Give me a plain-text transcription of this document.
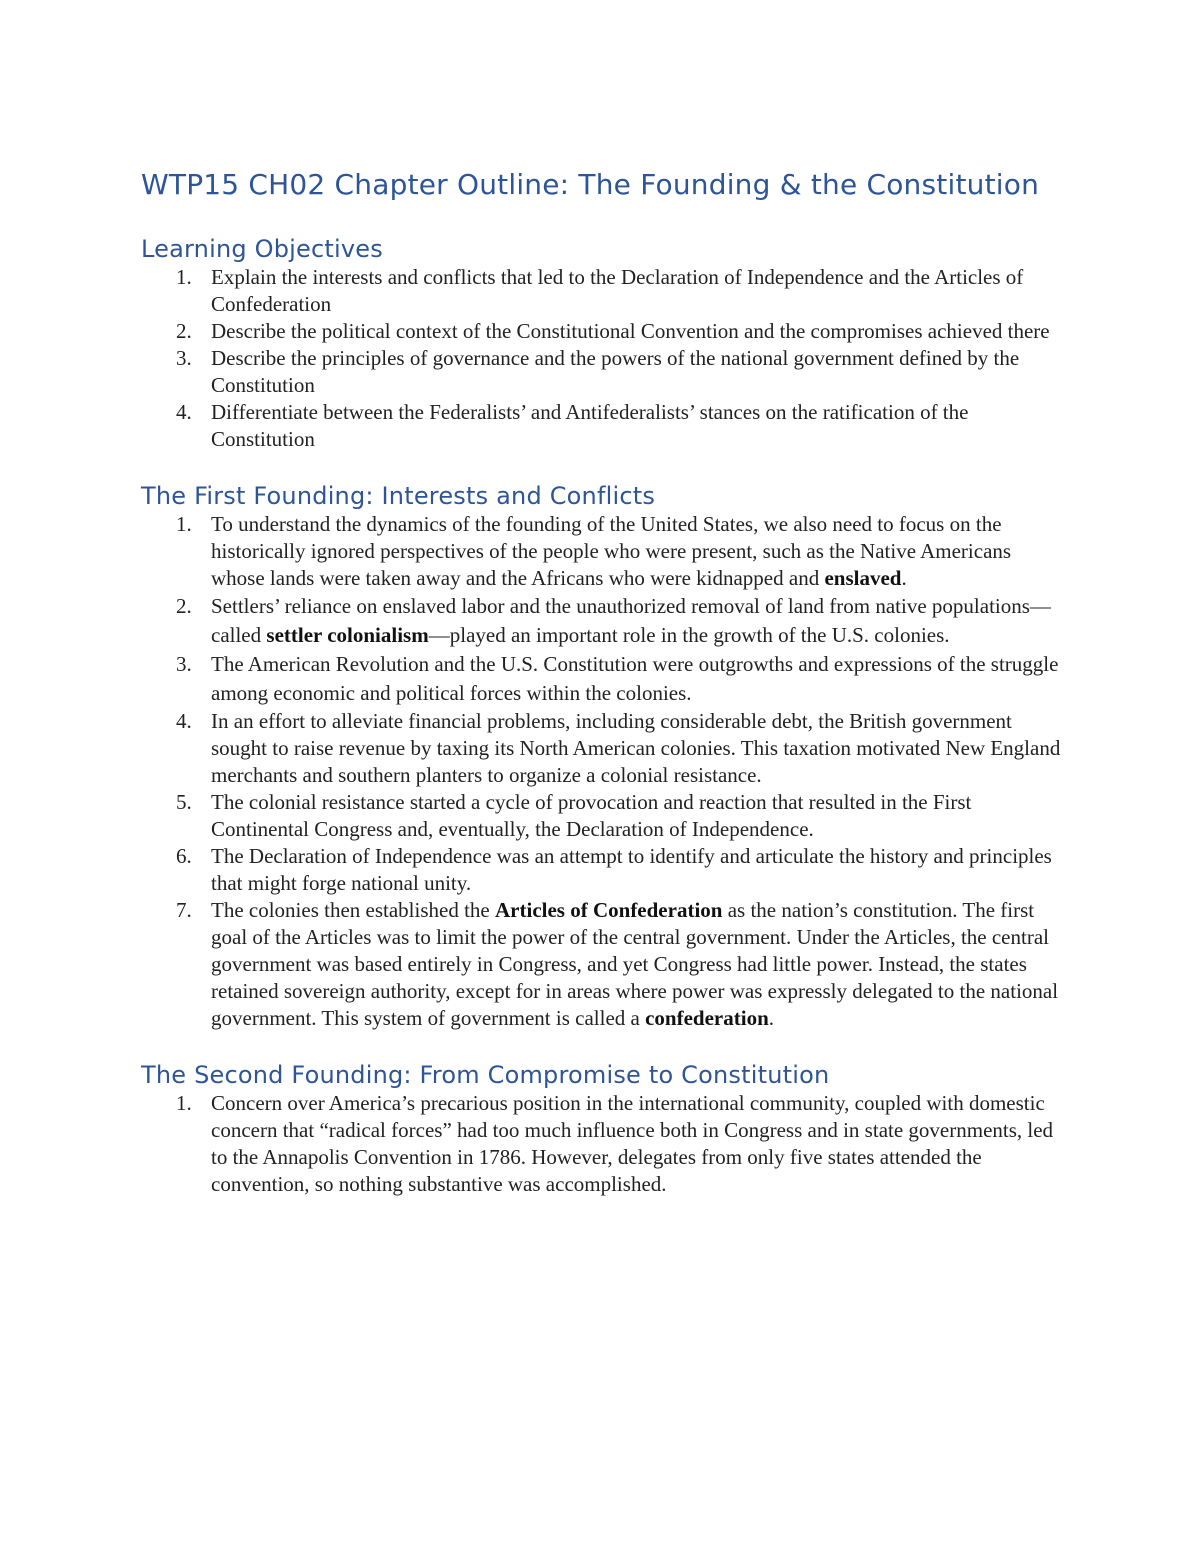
WTP15 CH02 Chapter Outline: The Founding & the Constitution
Learning Objectives
1. Explain the interests and conflicts that led to the Declaration of Independence and the Articles of Confederation
2. Describe the political context of the Constitutional Convention and the compromises achieved there
3. Describe the principles of governance and the powers of the national government defined by the Constitution
4. Differentiate between the Federalists’ and Antifederalists’ stances on the ratification of the Constitution
The First Founding: Interests and Conflicts
1. To understand the dynamics of the founding of the United States, we also need to focus on the historically ignored perspectives of the people who were present, such as the Native Americans whose lands were taken away and the Africans who were kidnapped and enslaved.
2. Settlers’ reliance on enslaved labor and the unauthorized removal of land from native populations—called settler colonialism—played an important role in the growth of the U.S. colonies.
3. The American Revolution and the U.S. Constitution were outgrowths and expressions of the struggle among economic and political forces within the colonies.
4. In an effort to alleviate financial problems, including considerable debt, the British government sought to raise revenue by taxing its North American colonies. This taxation motivated New England merchants and southern planters to organize a colonial resistance.
5. The colonial resistance started a cycle of provocation and reaction that resulted in the First Continental Congress and, eventually, the Declaration of Independence.
6. The Declaration of Independence was an attempt to identify and articulate the history and principles that might forge national unity.
7. The colonies then established the Articles of Confederation as the nation’s constitution. The first goal of the Articles was to limit the power of the central government. Under the Articles, the central government was based entirely in Congress, and yet Congress had little power. Instead, the states retained sovereign authority, except for in areas where power was expressly delegated to the national government. This system of government is called a confederation.
The Second Founding: From Compromise to Constitution
1. Concern over America’s precarious position in the international community, coupled with domestic concern that “radical forces” had too much influence both in Congress and in state governments, led to the Annapolis Convention in 1786. However, delegates from only five states attended the convention, so nothing substantive was accomplished.
